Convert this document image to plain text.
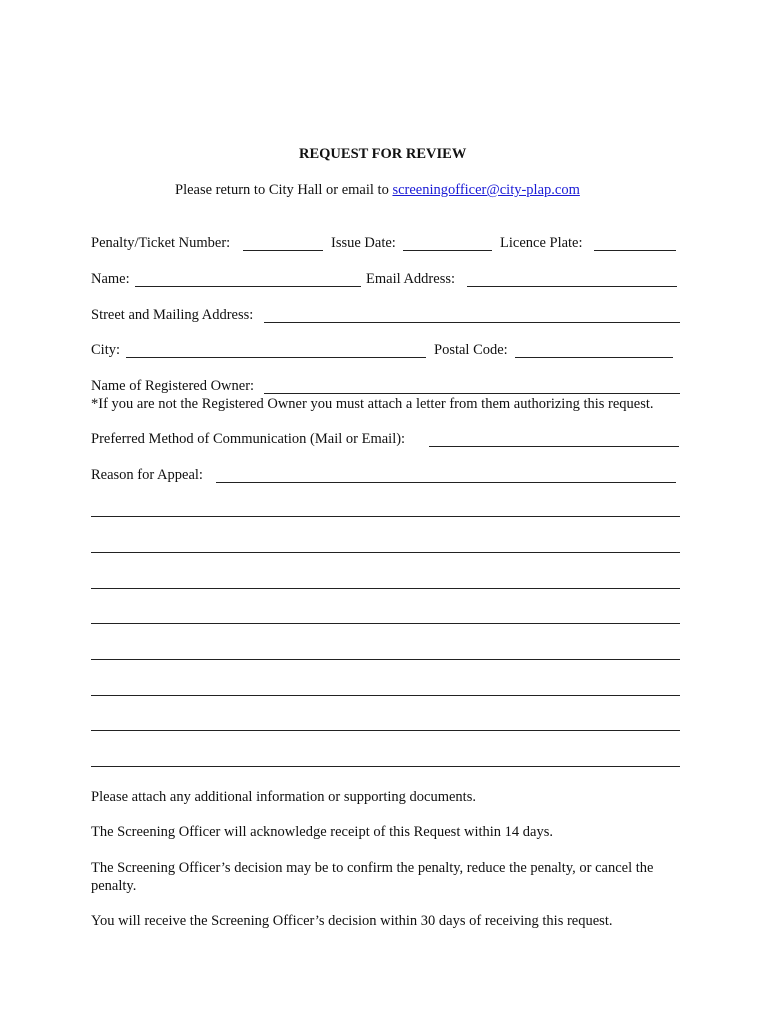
REQUEST FOR REVIEW
Please return to City Hall or email to screeningofficer@city-plap.com
Penalty/Ticket Number:	Issue Date:	Licence Plate:
Name:	Email Address:
Street and Mailing Address:
City:	Postal Code:
Name of Registered Owner:
*If you are not the Registered Owner you must attach a letter from them authorizing this request.
Preferred Method of Communication (Mail or Email):
Reason for Appeal:
Please attach any additional information or supporting documents.
The Screening Officer will acknowledge receipt of this Request within 14 days.
The Screening Officer’s decision may be to confirm the penalty, reduce the penalty, or cancel the
penalty.
You will receive the Screening Officer’s decision within 30 days of receiving this request.
